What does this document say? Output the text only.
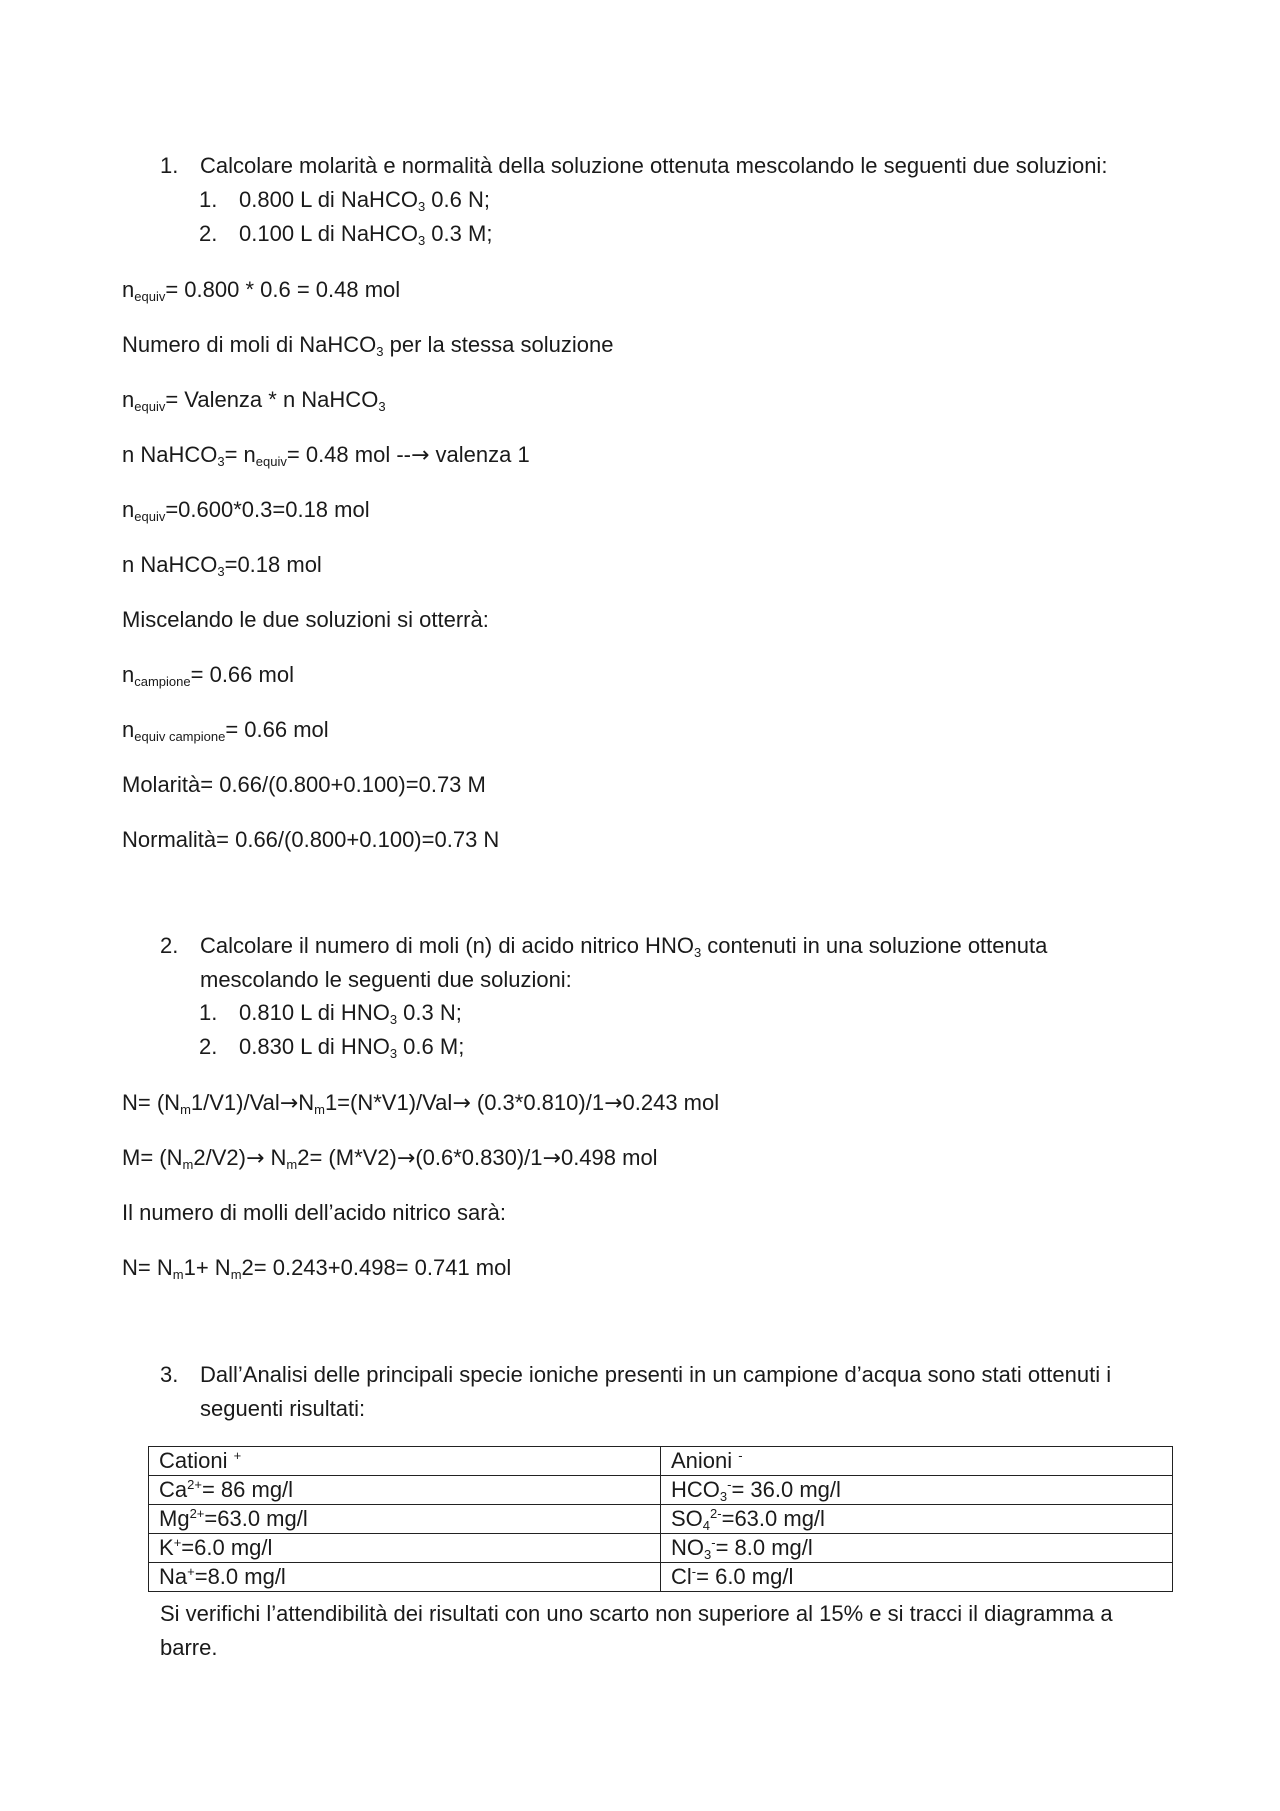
1. Calcolare molarità e normalità della soluzione ottenuta mescolando le seguenti due soluzioni:
1. 0.800 L di NaHCO$_3$ 0.6 N;
2. 0.100 L di NaHCO$_3$ 0.3 M;
$n_{equiv}= 0.800 * 0.6 = 0.48$ mol
Numero di moli di NaHCO$_3$ per la stessa soluzione
$n_{equiv}=$ Valenza * n NaHCO$_3$
n NaHCO$_3$= $n_{equiv}= 0.48$ mol --→ valenza 1
$n_{equiv}=0.600*0.3=0.18$ mol
n NaHCO$_3$=0.18 mol
Miscelando le due soluzioni si otterrà:
$n_{campione}= 0.66$ mol
$n_{equiv campione}= 0.66$ mol
Molarità= 0.66/(0.800+0.100)=0.73 M
Normalità= 0.66/(0.800+0.100)=0.73 N
2. Calcolare il numero di moli (n) di acido nitrico $HNO_3$ contenuti in una soluzione ottenuta
mescolando le seguenti due soluzioni:
1. 0.810 L di $HNO_3$ 0.3 N;
2. 0.830 L di $HNO_3$ 0.6 M;
$N= (N_m1/V1)/Val\to N_m1=(N*V1)/Val\to (0.3*0.810)/1\to 0.243$ mol
$M= (N_m2/V2)\to N_m2= (M*V2)\to(0.6*0.830)/1\to 0.498$ mol
Il numero di molli dell’acido nitrico sarà:
$N= N_m1+ N_m2= 0.243+0.498= 0.741$ mol
3. Dall’Analisi delle principali specie ioniche presenti in un campione d’acqua sono stati ottenuti i
seguenti risultati:
Cationi +	Anioni -
$Ca^{2+}= 86$ mg/l	$HCO_3^-= 36.0$ mg/l
$Mg^{2+}=63.0$ mg/l	$SO_4^{2-}=63.0$ mg/l
K+=6.0 mg/l	$NO_3^-= 8.0$ mg/l
Na+=8.0 mg/l	Cl-= 6.0 mg/l
Si verifichi l’attendibilità dei risultati con uno scarto non superiore al 15% e si tracci il diagramma a
barre.
